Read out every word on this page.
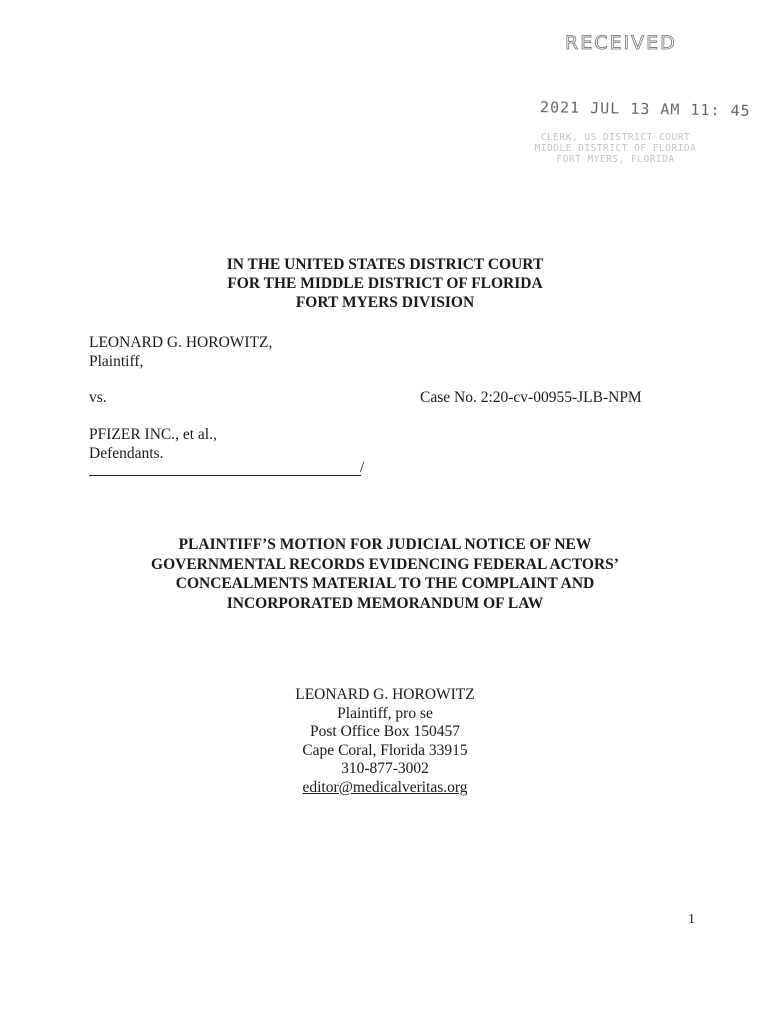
RECEIVED
2021 JUL 13 AM 11: 45
CLERK, US DISTRICT COURT
MIDDLE DISTRICT OF FLORIDA
FORT MYERS, FLORIDA
IN THE UNITED STATES DISTRICT COURT
FOR THE MIDDLE DISTRICT OF FLORIDA
FORT MYERS DIVISION
LEONARD G. HOROWITZ,
Plaintiff,
vs.	Case No. 2:20-cv-00955-JLB-NPM
PFIZER INC., et al.,
Defendants.
/
PLAINTIFF’S MOTION FOR JUDICIAL NOTICE OF NEW
GOVERNMENTAL RECORDS EVIDENCING FEDERAL ACTORS’
CONCEALMENTS MATERIAL TO THE COMPLAINT AND
INCORPORATED MEMORANDUM OF LAW
LEONARD G. HOROWITZ
Plaintiff, pro se
Post Office Box 150457
Cape Coral, Florida 33915
310-877-3002
editor@medicalveritas.org
1
